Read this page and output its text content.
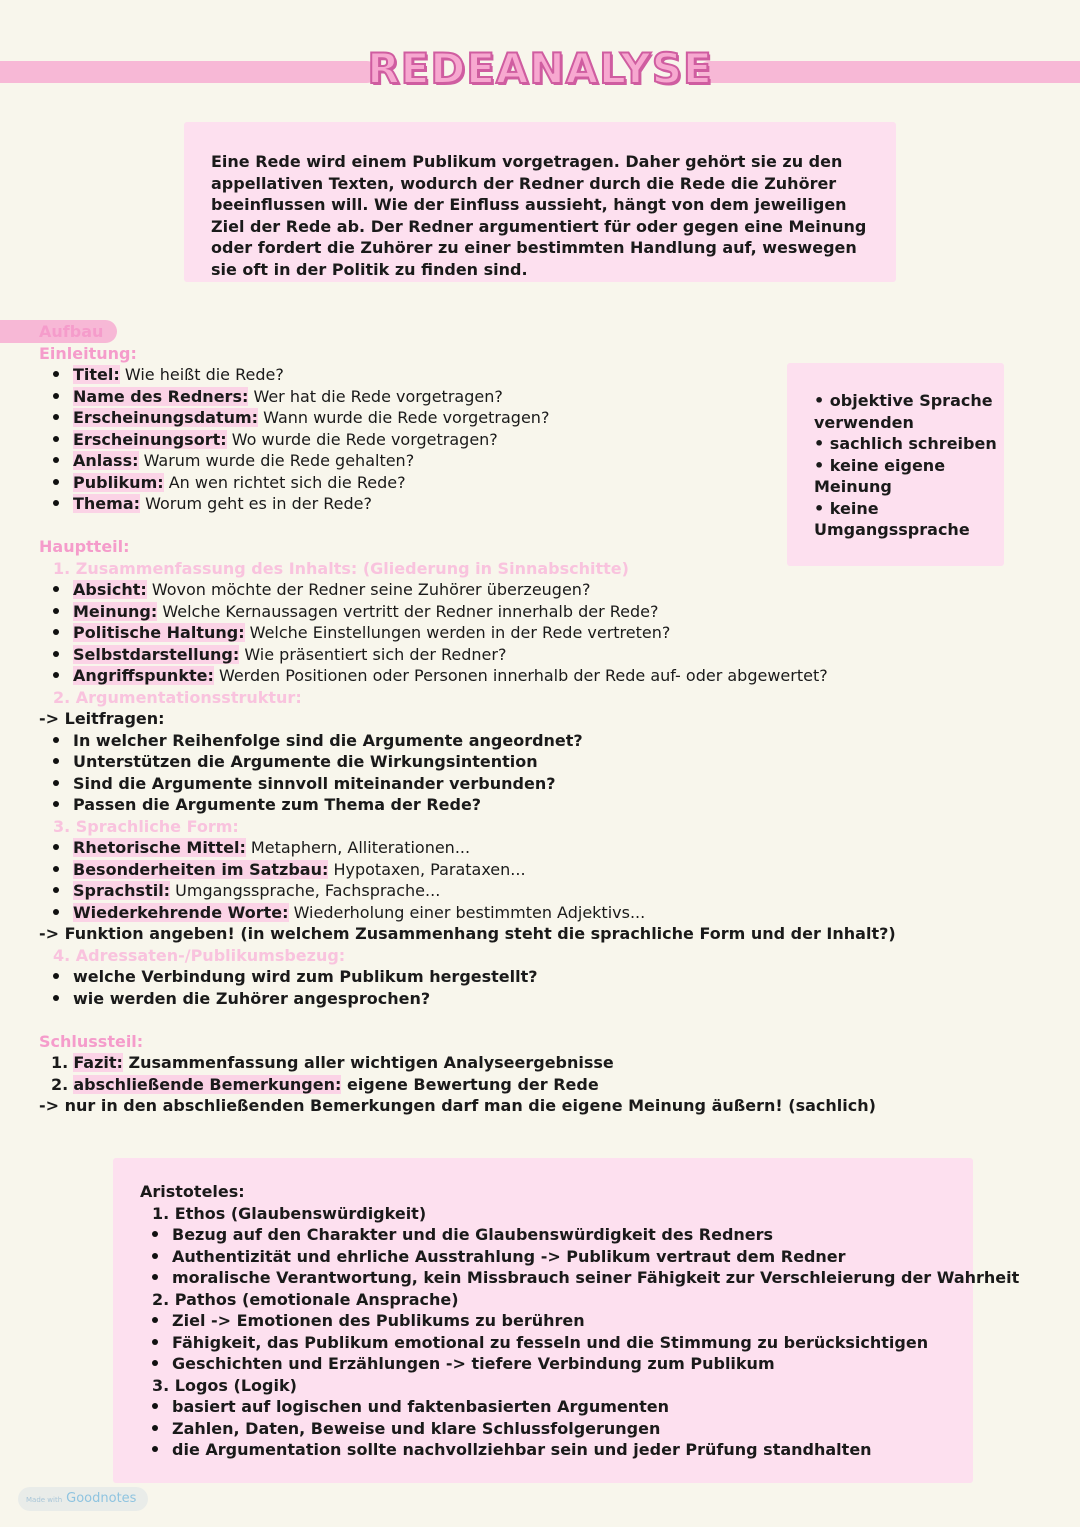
REDEANALYSE

Eine Rede wird einem Publikum vorgetragen. Daher gehört sie zu den appellativen Texten, wodurch der Redner durch die Rede die Zuhörer beeinflussen will. Wie der Einfluss aussieht, hängt von dem jeweiligen Ziel der Rede ab. Der Redner argumentiert für oder gegen eine Meinung oder fordert die Zuhörer zu einer bestimmten Handlung auf, weswegen sie oft in der Politik zu finden sind.

• objektive Sprache verwenden
• sachlich schreiben
• keine eigene Meinung
• keine Umgangssprache
Aufbau
Einleitung:
Titel: Wie heißt die Rede?
Name des Redners: Wer hat die Rede vorgetragen?
Erscheinungsdatum: Wann wurde die Rede vorgetragen?
Erscheinungsort: Wo wurde die Rede vorgetragen?
Anlass: Warum wurde die Rede gehalten?
Publikum: An wen richtet sich die Rede?
Thema: Worum geht es in der Rede?
Hauptteil:
1. Zusammenfassung des Inhalts: (Gliederung in Sinnabschitte)
Absicht: Wovon möchte der Redner seine Zuhörer überzeugen?
Meinung: Welche Kernaussagen vertritt der Redner innerhalb der Rede?
Politische Haltung: Welche Einstellungen werden in der Rede vertreten?
Selbstdarstellung: Wie präsentiert sich der Redner?
Angriffspunkte: Werden Positionen oder Personen innerhalb der Rede auf- oder abgewertet?
2. Argumentationsstruktur:
-> Leitfragen:
In welcher Reihenfolge sind die Argumente angeordnet?
Unterstützen die Argumente die Wirkungsintention
Sind die Argumente sinnvoll miteinander verbunden?
Passen die Argumente zum Thema der Rede?
3. Sprachliche Form:
Rhetorische Mittel: Metaphern, Alliterationen...
Besonderheiten im Satzbau: Hypotaxen, Parataxen...
Sprachstil: Umgangssprache, Fachsprache...
Wiederkehrende Worte: Wiederholung einer bestimmten Adjektivs...
-> Funktion angeben! (in welchem Zusammenhang steht die sprachliche Form und der Inhalt?)
4. Adressaten-/Publikumsbezug:
welche Verbindung wird zum Publikum hergestellt?
wie werden die Zuhörer angesprochen?
Schlussteil:
1. Fazit: Zusammenfassung aller wichtigen Analyseergebnisse
2. abschließende Bemerkungen: eigene Bewertung der Rede
-> nur in den abschließenden Bemerkungen darf man die eigene Meinung äußern! (sachlich)
Aristoteles:
1. Ethos (Glaubenswürdigkeit)
Bezug auf den Charakter und die Glaubenswürdigkeit des Redners
Authentizität und ehrliche Ausstrahlung -> Publikum vertraut dem Redner
moralische Verantwortung, kein Missbrauch seiner Fähigkeit zur Verschleierung der Wahrheit
2. Pathos (emotionale Ansprache)
Ziel -> Emotionen des Publikums zu berühren
Fähigkeit, das Publikum emotional zu fesseln und die Stimmung zu berücksichtigen
Geschichten und Erzählungen -> tiefere Verbindung zum Publikum
3. Logos (Logik)
basiert auf logischen und faktenbasierten Argumenten
Zahlen, Daten, Beweise und klare Schlussfolgerungen
die Argumentation sollte nachvollziehbar sein und jeder Prüfung standhalten
Made with Goodnotes
